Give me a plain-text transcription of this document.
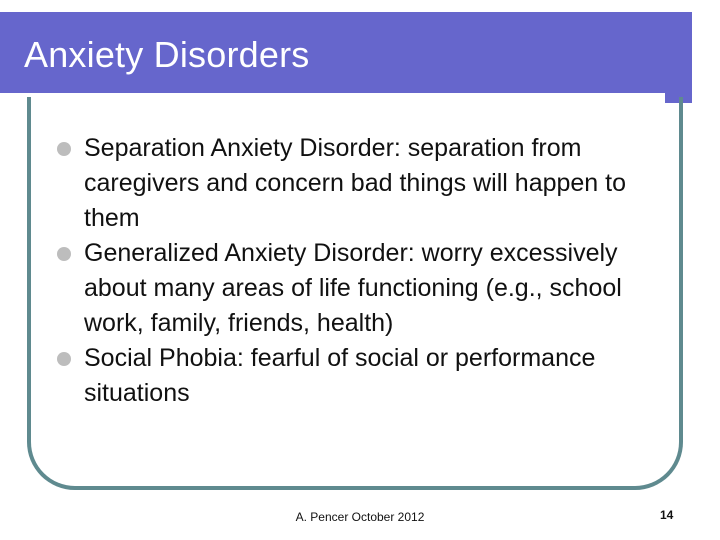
Anxiety Disorders
Separation Anxiety Disorder: separation from caregivers and concern bad things will happen to them
Generalized Anxiety Disorder: worry excessively about many areas of life functioning (e.g., school work, family, friends, health)
Social Phobia: fearful of social or performance situations
A. Pencer October 2012	14
